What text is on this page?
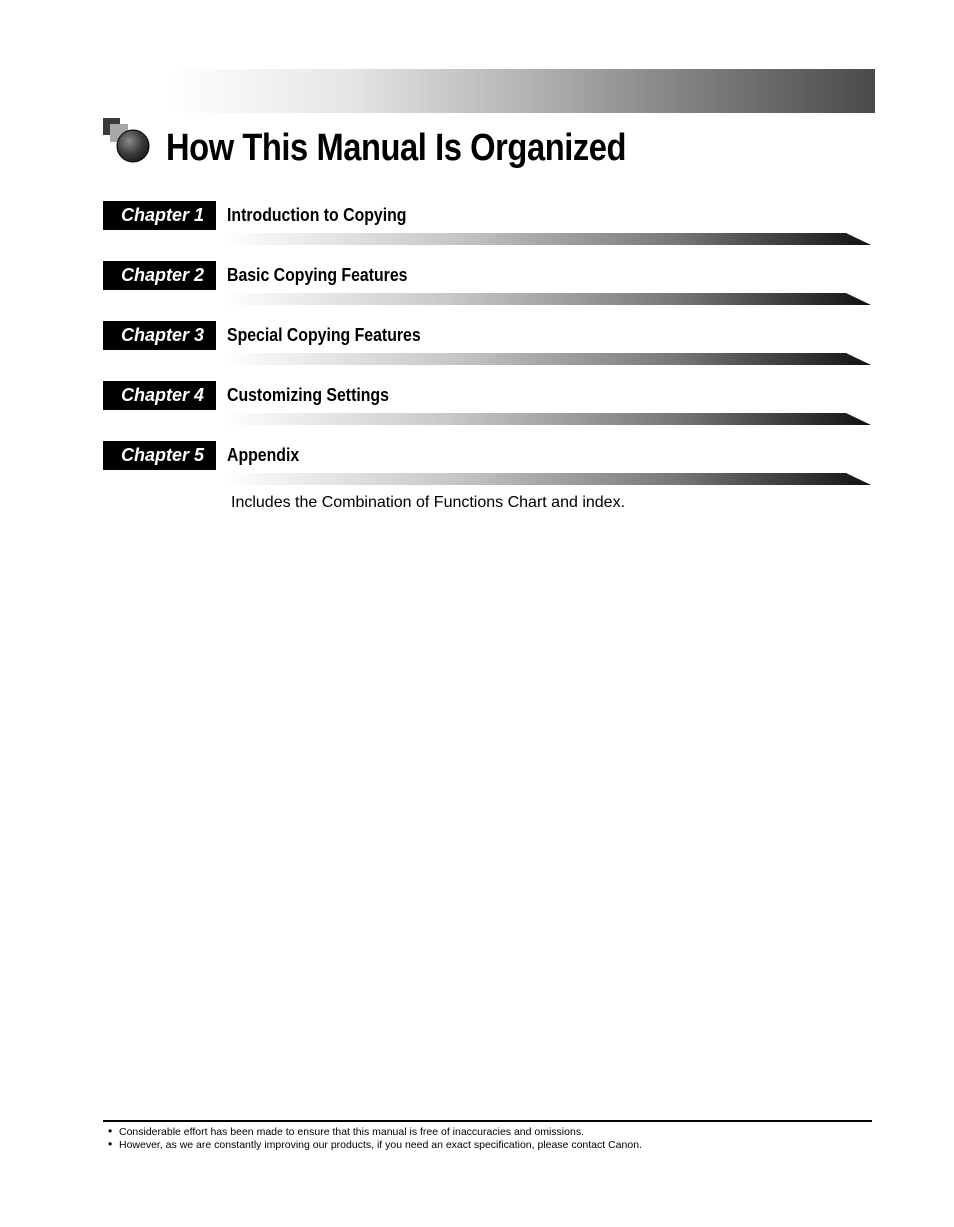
How This Manual Is Organized
Chapter 1	Introduction to Copying
Chapter 2	Basic Copying Features
Chapter 3	Special Copying Features
Chapter 4	Customizing Settings
Chapter 5	Appendix
Includes the Combination of Functions Chart and index.
• Considerable effort has been made to ensure that this manual is free of inaccuracies and omissions.
• However, as we are constantly improving our products, if you need an exact specification, please contact Canon.
